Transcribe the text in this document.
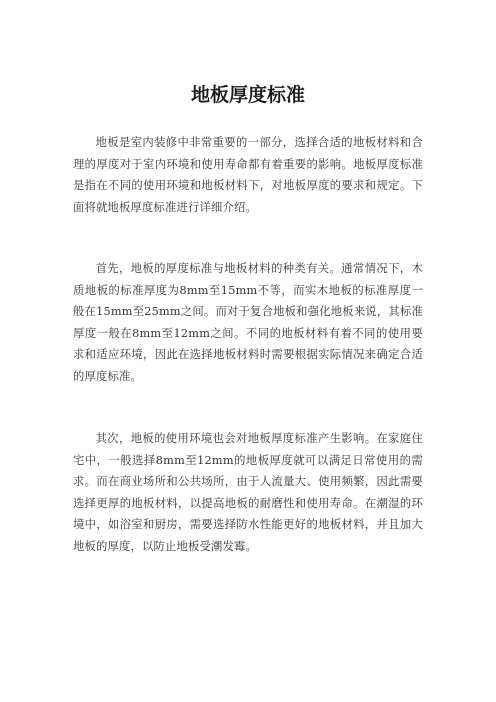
地板厚度标准

地板是室内装修中非常重要的一部分，选择合适的地板材料和合理的厚度对于室内环境和使用寿命都有着重要的影响。地板厚度标准是指在不同的使用环境和地板材料下，对地板厚度的要求和规定。下面将就地板厚度标准进行详细介绍。

首先，地板的厚度标准与地板材料的种类有关。通常情况下，木质地板的标准厚度为8mm至15mm不等，而实木地板的标准厚度一般在15mm至25mm之间。而对于复合地板和强化地板来说，其标准厚度一般在8mm至12mm之间。不同的地板材料有着不同的使用要求和适应环境，因此在选择地板材料时需要根据实际情况来确定合适的厚度标准。

其次，地板的使用环境也会对地板厚度标准产生影响。在家庭住宅中，一般选择8mm至12mm的地板厚度就可以满足日常使用的需求。而在商业场所和公共场所，由于人流量大、使用频繁，因此需要选择更厚的地板材料，以提高地板的耐磨性和使用寿命。在潮湿的环境中，如浴室和厨房，需要选择防水性能更好的地板材料，并且加大地板的厚度，以防止地板受潮发霉。
